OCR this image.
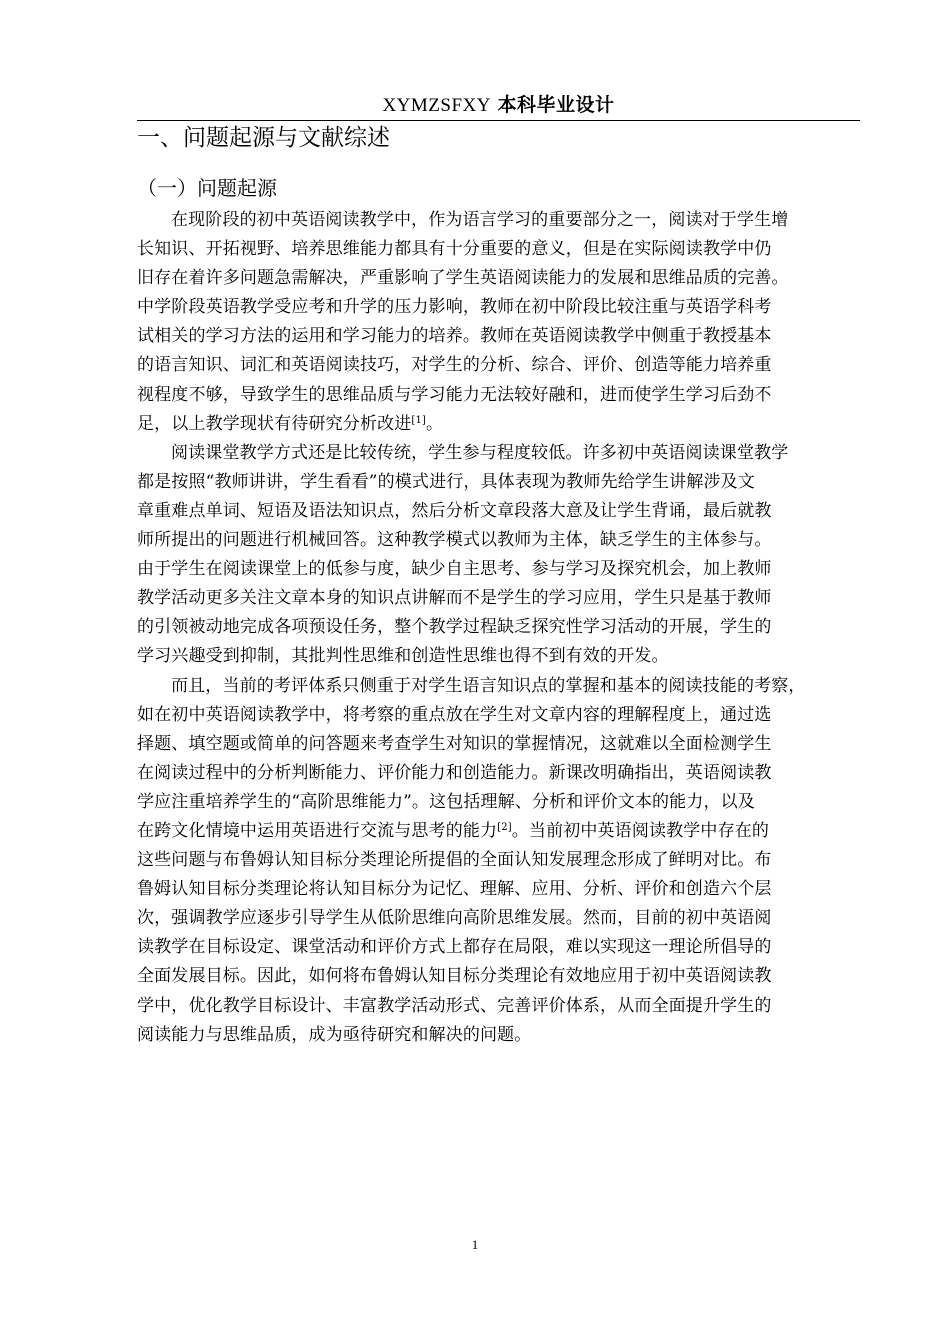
XYMZSFXY 本科毕业设计
一、问题起源与文献综述
（一）问题起源
在现阶段的初中英语阅读教学中，作为语言学习的重要部分之一，阅读对于学生增
长知识、开拓视野、培养思维能力都具有十分重要的意义，但是在实际阅读教学中仍
旧存在着许多问题急需解决，严重影响了学生英语阅读能力的发展和思维品质的完善。
中学阶段英语教学受应考和升学的压力影响，教师在初中阶段比较注重与英语学科考
试相关的学习方法的运用和学习能力的培养。教师在英语阅读教学中侧重于教授基本
的语言知识、词汇和英语阅读技巧，对学生的分析、综合、评价、创造等能力培养重
视程度不够，导致学生的思维品质与学习能力无法较好融和，进而使学生学习后劲不
足，以上教学现状有待研究分析改进[1]。
阅读课堂教学方式还是比较传统，学生参与程度较低。许多初中英语阅读课堂教学
都是按照“教师讲讲，学生看看”的模式进行，具体表现为教师先给学生讲解涉及文
章重难点单词、短语及语法知识点，然后分析文章段落大意及让学生背诵，最后就教
师所提出的问题进行机械回答。这种教学模式以教师为主体，缺乏学生的主体参与。
由于学生在阅读课堂上的低参与度，缺少自主思考、参与学习及探究机会，加上教师
教学活动更多关注文章本身的知识点讲解而不是学生的学习应用，学生只是基于教师
的引领被动地完成各项预设任务，整个教学过程缺乏探究性学习活动的开展，学生的
学习兴趣受到抑制，其批判性思维和创造性思维也得不到有效的开发。
而且，当前的考评体系只侧重于对学生语言知识点的掌握和基本的阅读技能的考察，
如在初中英语阅读教学中，将考察的重点放在学生对文章内容的理解程度上，通过选
择题、填空题或简单的问答题来考查学生对知识的掌握情况，这就难以全面检测学生
在阅读过程中的分析判断能力、评价能力和创造能力。新课改明确指出，英语阅读教
学应注重培养学生的“高阶思维能力”。这包括理解、分析和评价文本的能力，以及
在跨文化情境中运用英语进行交流与思考的能力[2]。当前初中英语阅读教学中存在的
这些问题与布鲁姆认知目标分类理论所提倡的全面认知发展理念形成了鲜明对比。布
鲁姆认知目标分类理论将认知目标分为记忆、理解、应用、分析、评价和创造六个层
次，强调教学应逐步引导学生从低阶思维向高阶思维发展。然而，目前的初中英语阅
读教学在目标设定、课堂活动和评价方式上都存在局限，难以实现这一理论所倡导的
全面发展目标。因此，如何将布鲁姆认知目标分类理论有效地应用于初中英语阅读教
学中，优化教学目标设计、丰富教学活动形式、完善评价体系，从而全面提升学生的
阅读能力与思维品质，成为亟待研究和解决的问题。
1
